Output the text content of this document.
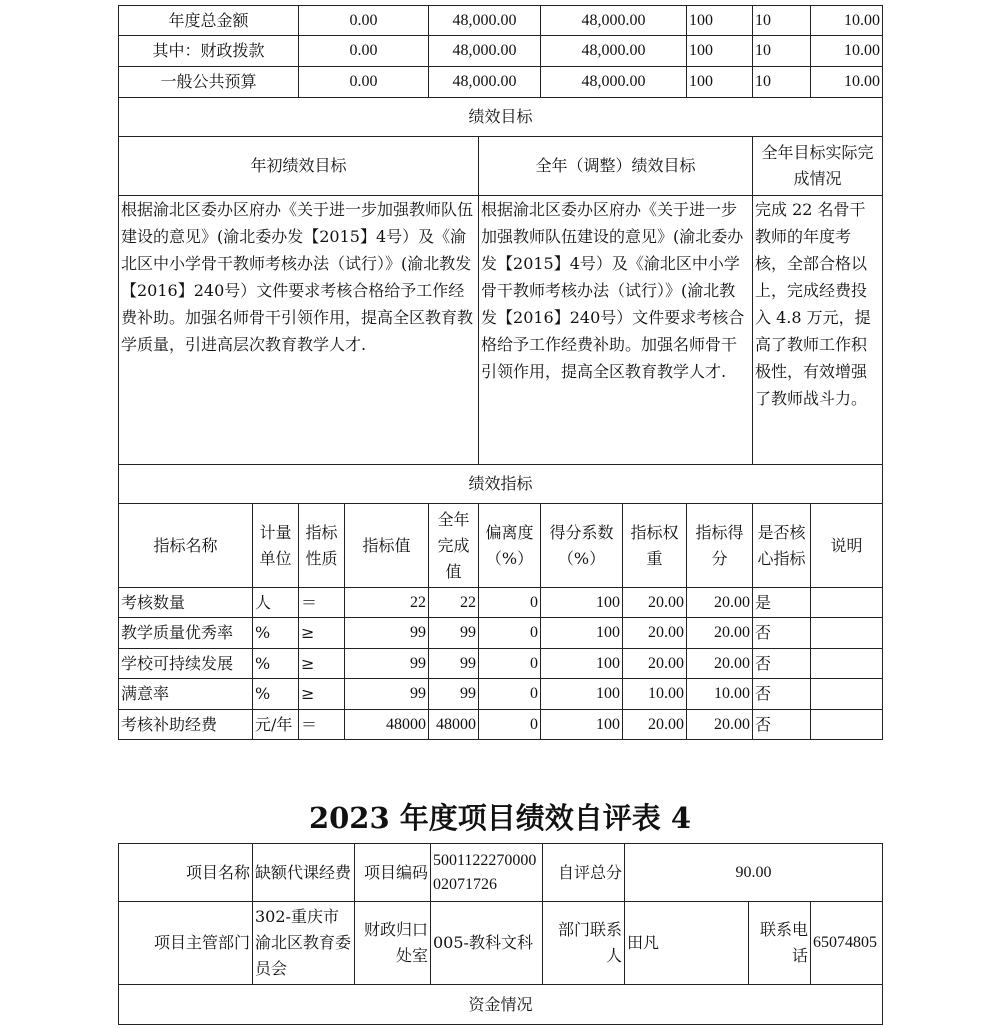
年度总金额		0.00		48,000.00		48,000.00		100	10	10.00
其中：财政拨款		0.00		48,000.00		48,000.00		100	10	10.00
一般公共预算		0.00		48,000.00		48,000.00		100	10	10.00
绩效目标										
年初绩效目标					全年（调整）绩效目标				全年目标实际完成情况	
根据渝北区委办区府办《关于进一步加强教师队伍建设的意见》(渝北委办发【2015】4号）及《渝北区中小学骨干教师考核办法（试行）》(渝北教发【2016】240号）文件要求考核合格给予工作经费补助。加强名师骨干引领作用，提高全区教育教学质量，引进高层次教育教学人才.					根据渝北区委办区府办《关于进一步加强教师队伍建设的意见》(渝北委办发【2015】4号）及《渝北区中小学骨干教师考核办法（试行）》(渝北教发【2016】240号）文件要求考核合格给予工作经费补助。加强名师骨干引领作用，提高全区教育教学人才.				完成 22 名骨干教师的年度考核，全部合格以上，完成经费投入 4.8 万元，提高了教师工作积极性，有效增强了教师战斗力。	
绩效指标										
指标名称	计量单位	指标性质	指标值	全年完成值	偏离度（%）	得分系数（%）	指标权重	指标得分	是否核心指标	说明
考核数量	人	＝	22	22	0	100	20.00	20.00	是	
教学质量优秀率	%	≥	99	99	0	100	20.00	20.00	否	
学校可持续发展	%	≥	99	99	0	100	20.00	20.00	否	
满意率	%	≥	99	99	0	100	10.00	10.00	否	
考核补助经费	元/年	＝	48000	48000	0	100	20.00	20.00	否	
2023 年度项目绩效自评表 4
项目名称	缺额代课经费	项目编码	500112227000002071726	自评总分	90.00		
项目主管部门	302-重庆市渝北区教育委员会	财政归口处室	005-教科文科	部门联系人	田凡	联系电话	65074805
资金情况							
